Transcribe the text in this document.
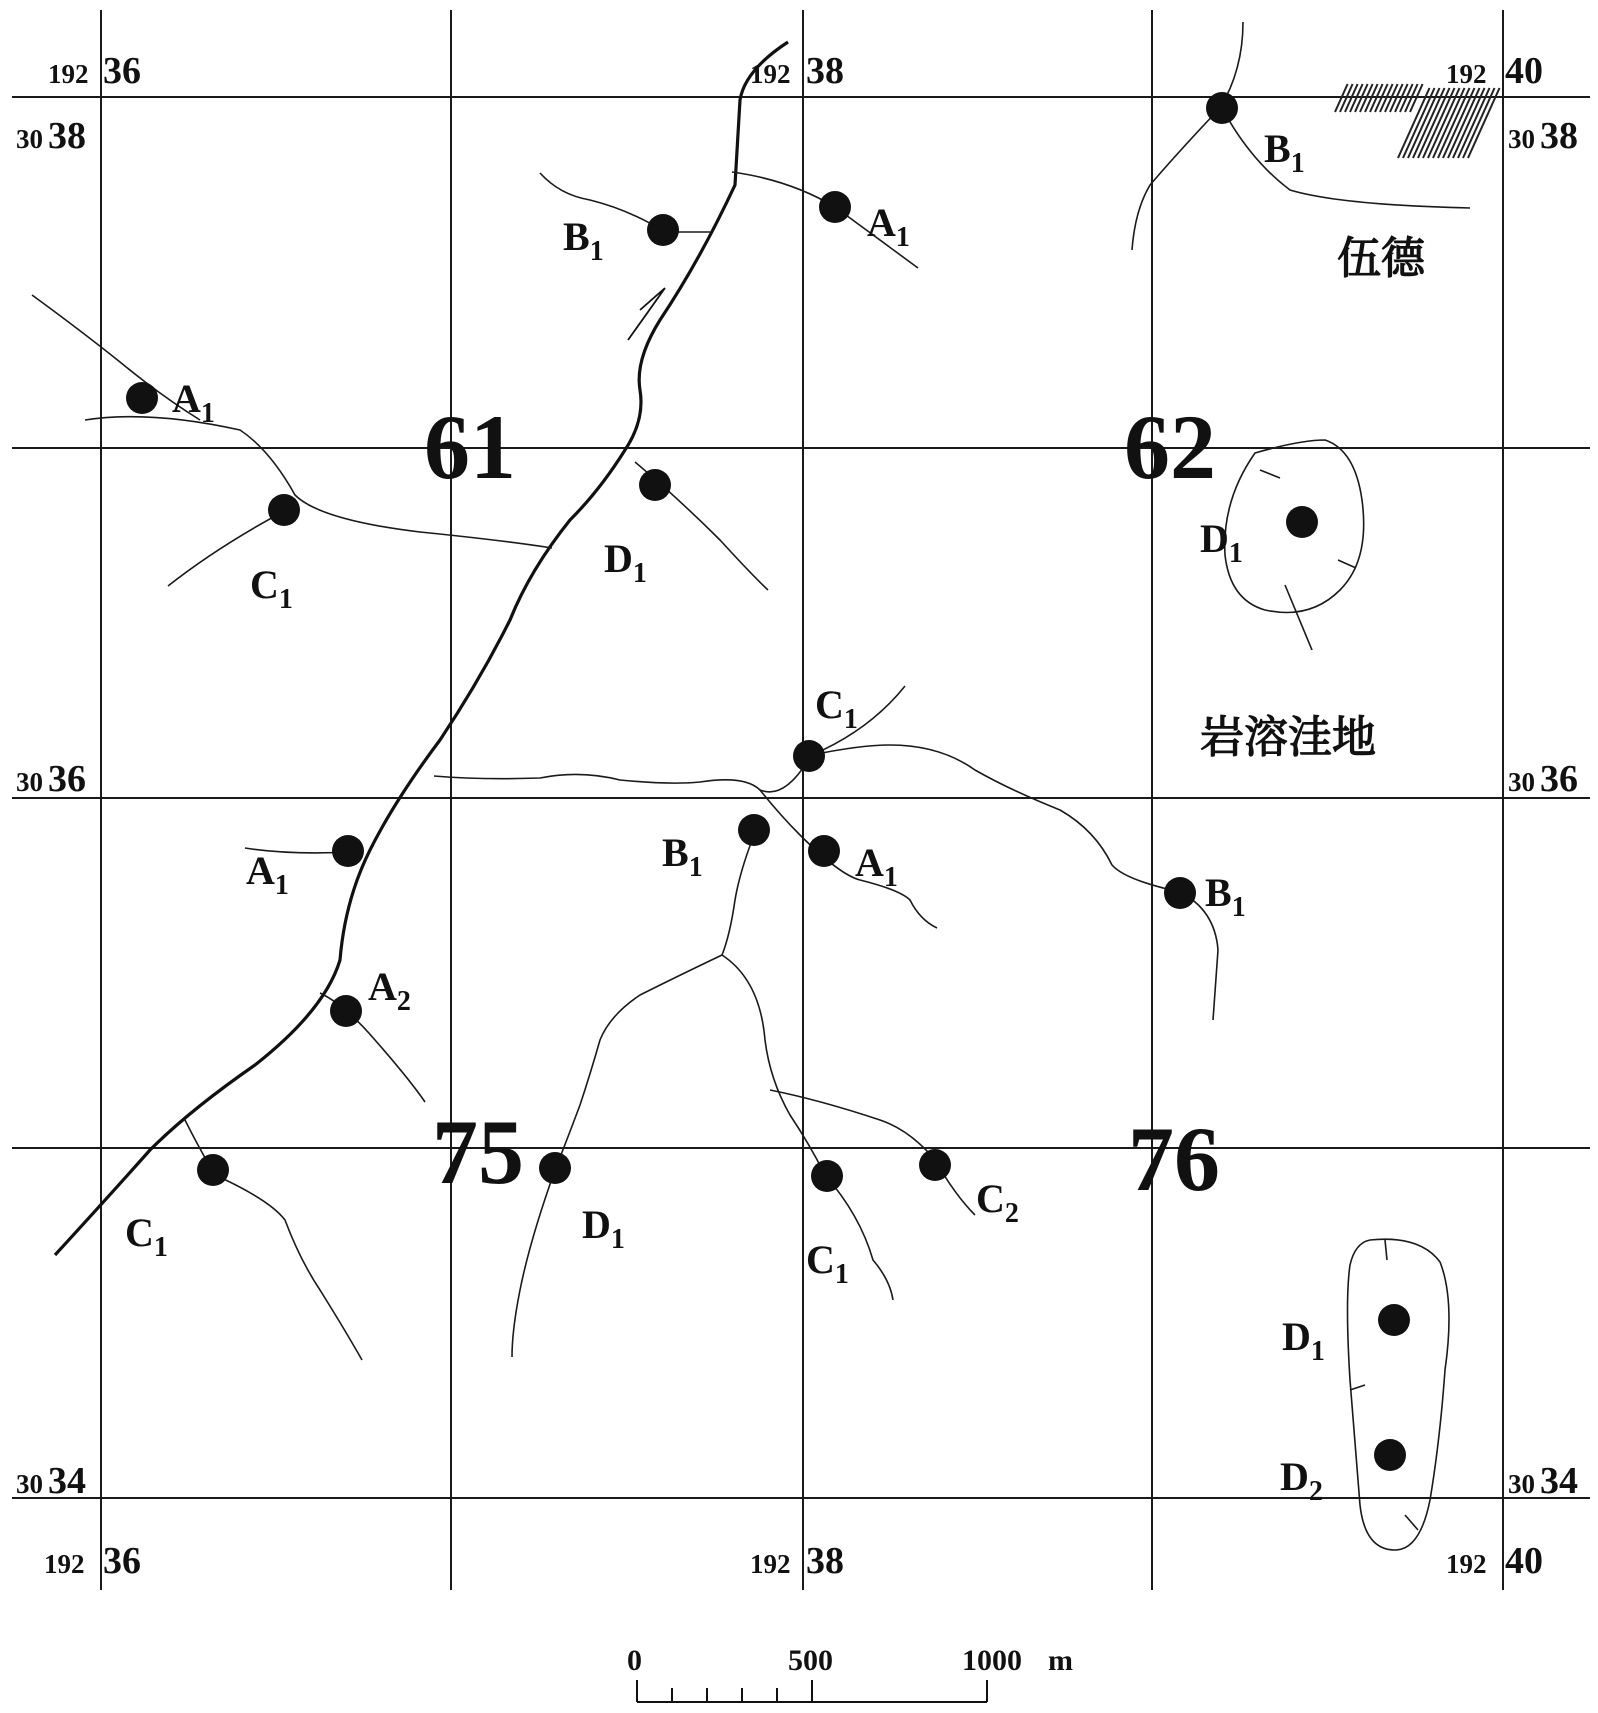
$B_1$
$A_1$
$B_1$
$A_1$
$C_1$
$D_1$
$D_1$
$C_1$
$A_1$
$B_1$	$A_1$	$B_1$
$A_2$
$C_1$
$D_1$	$C_1$
$C_2$
$D_1$
$D_2$
61	62
75	76
伍德
岩溶洼地
192 36	192 38	192 40
192 36	192 38	192 40
30 38
30 36
30 34
30 38
30 36
30 34
0	500	1000 m
